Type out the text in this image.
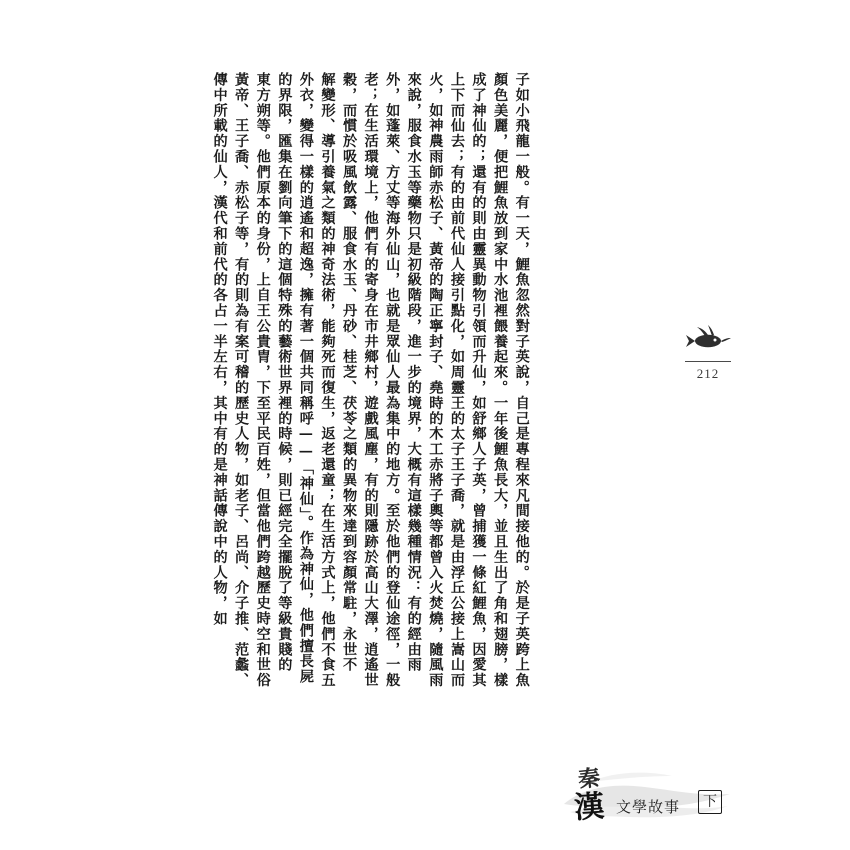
傳中所載的仙人，漢代和前代的各占一半左右，其中有的是神話傳說中的人物，如 黃帝、王子喬、赤松子等，有的則為有案可稽的歷史人物，如老子、呂尚、介子推、范蠡、 東方朔等。他們原本的身份，上自王公貴胄，下至平民百姓，但當他們跨越歷史時空和世俗 的界限，匯集在劉向筆下的這個特殊的藝術世界裡的時候，則已經完全擺脫了等級貴賤的 外衣，變得一樣的逍遙和超逸，擁有著一個共同稱呼——「神仙」。作為神仙，他們擅長屍 解變形、導引養氣之類的神奇法術，能夠死而復生，返老還童；在生活方式上，他們不食五 穀，而慣於吸風飲露、服食水玉、丹砂、桂芝、茯苓之類的異物來達到容顏常駐，永世不 老；在生活環境上，他們有的寄身在市井鄉村，遊戲風塵，有的則隱跡於高山大澤，逍遙世 外，如蓬萊、方丈等海外仙山，也就是眾仙人最為集中的地方。至於他們的登仙途徑，一般 來說，服食水玉等藥物只是初級階段，進一步的境界，大概有這樣幾種情況：有的經由雨 火，如神農雨師赤松子、黃帝的陶正寧封子、堯時的木工赤將子輿等都曾入火焚燒，隨風雨 上下而仙去；有的由前代仙人接引點化，如周靈王的太子王子喬，就是由浮丘公接上嵩山而 成了神仙的；還有的則由靈異動物引領而升仙，如舒鄉人子英，曾捕獲一條紅鯉魚，因愛其 顏色美麗，便把鯉魚放到家中水池裡餵養起來。一年後鯉魚長大，並且生出了角和翅膀，樣 子如小飛龍一般。有一天，鯉魚忽然對子英說，自己是專程來凡間接他的。於是子英跨上魚	212
秦
漢 文學故事	下
